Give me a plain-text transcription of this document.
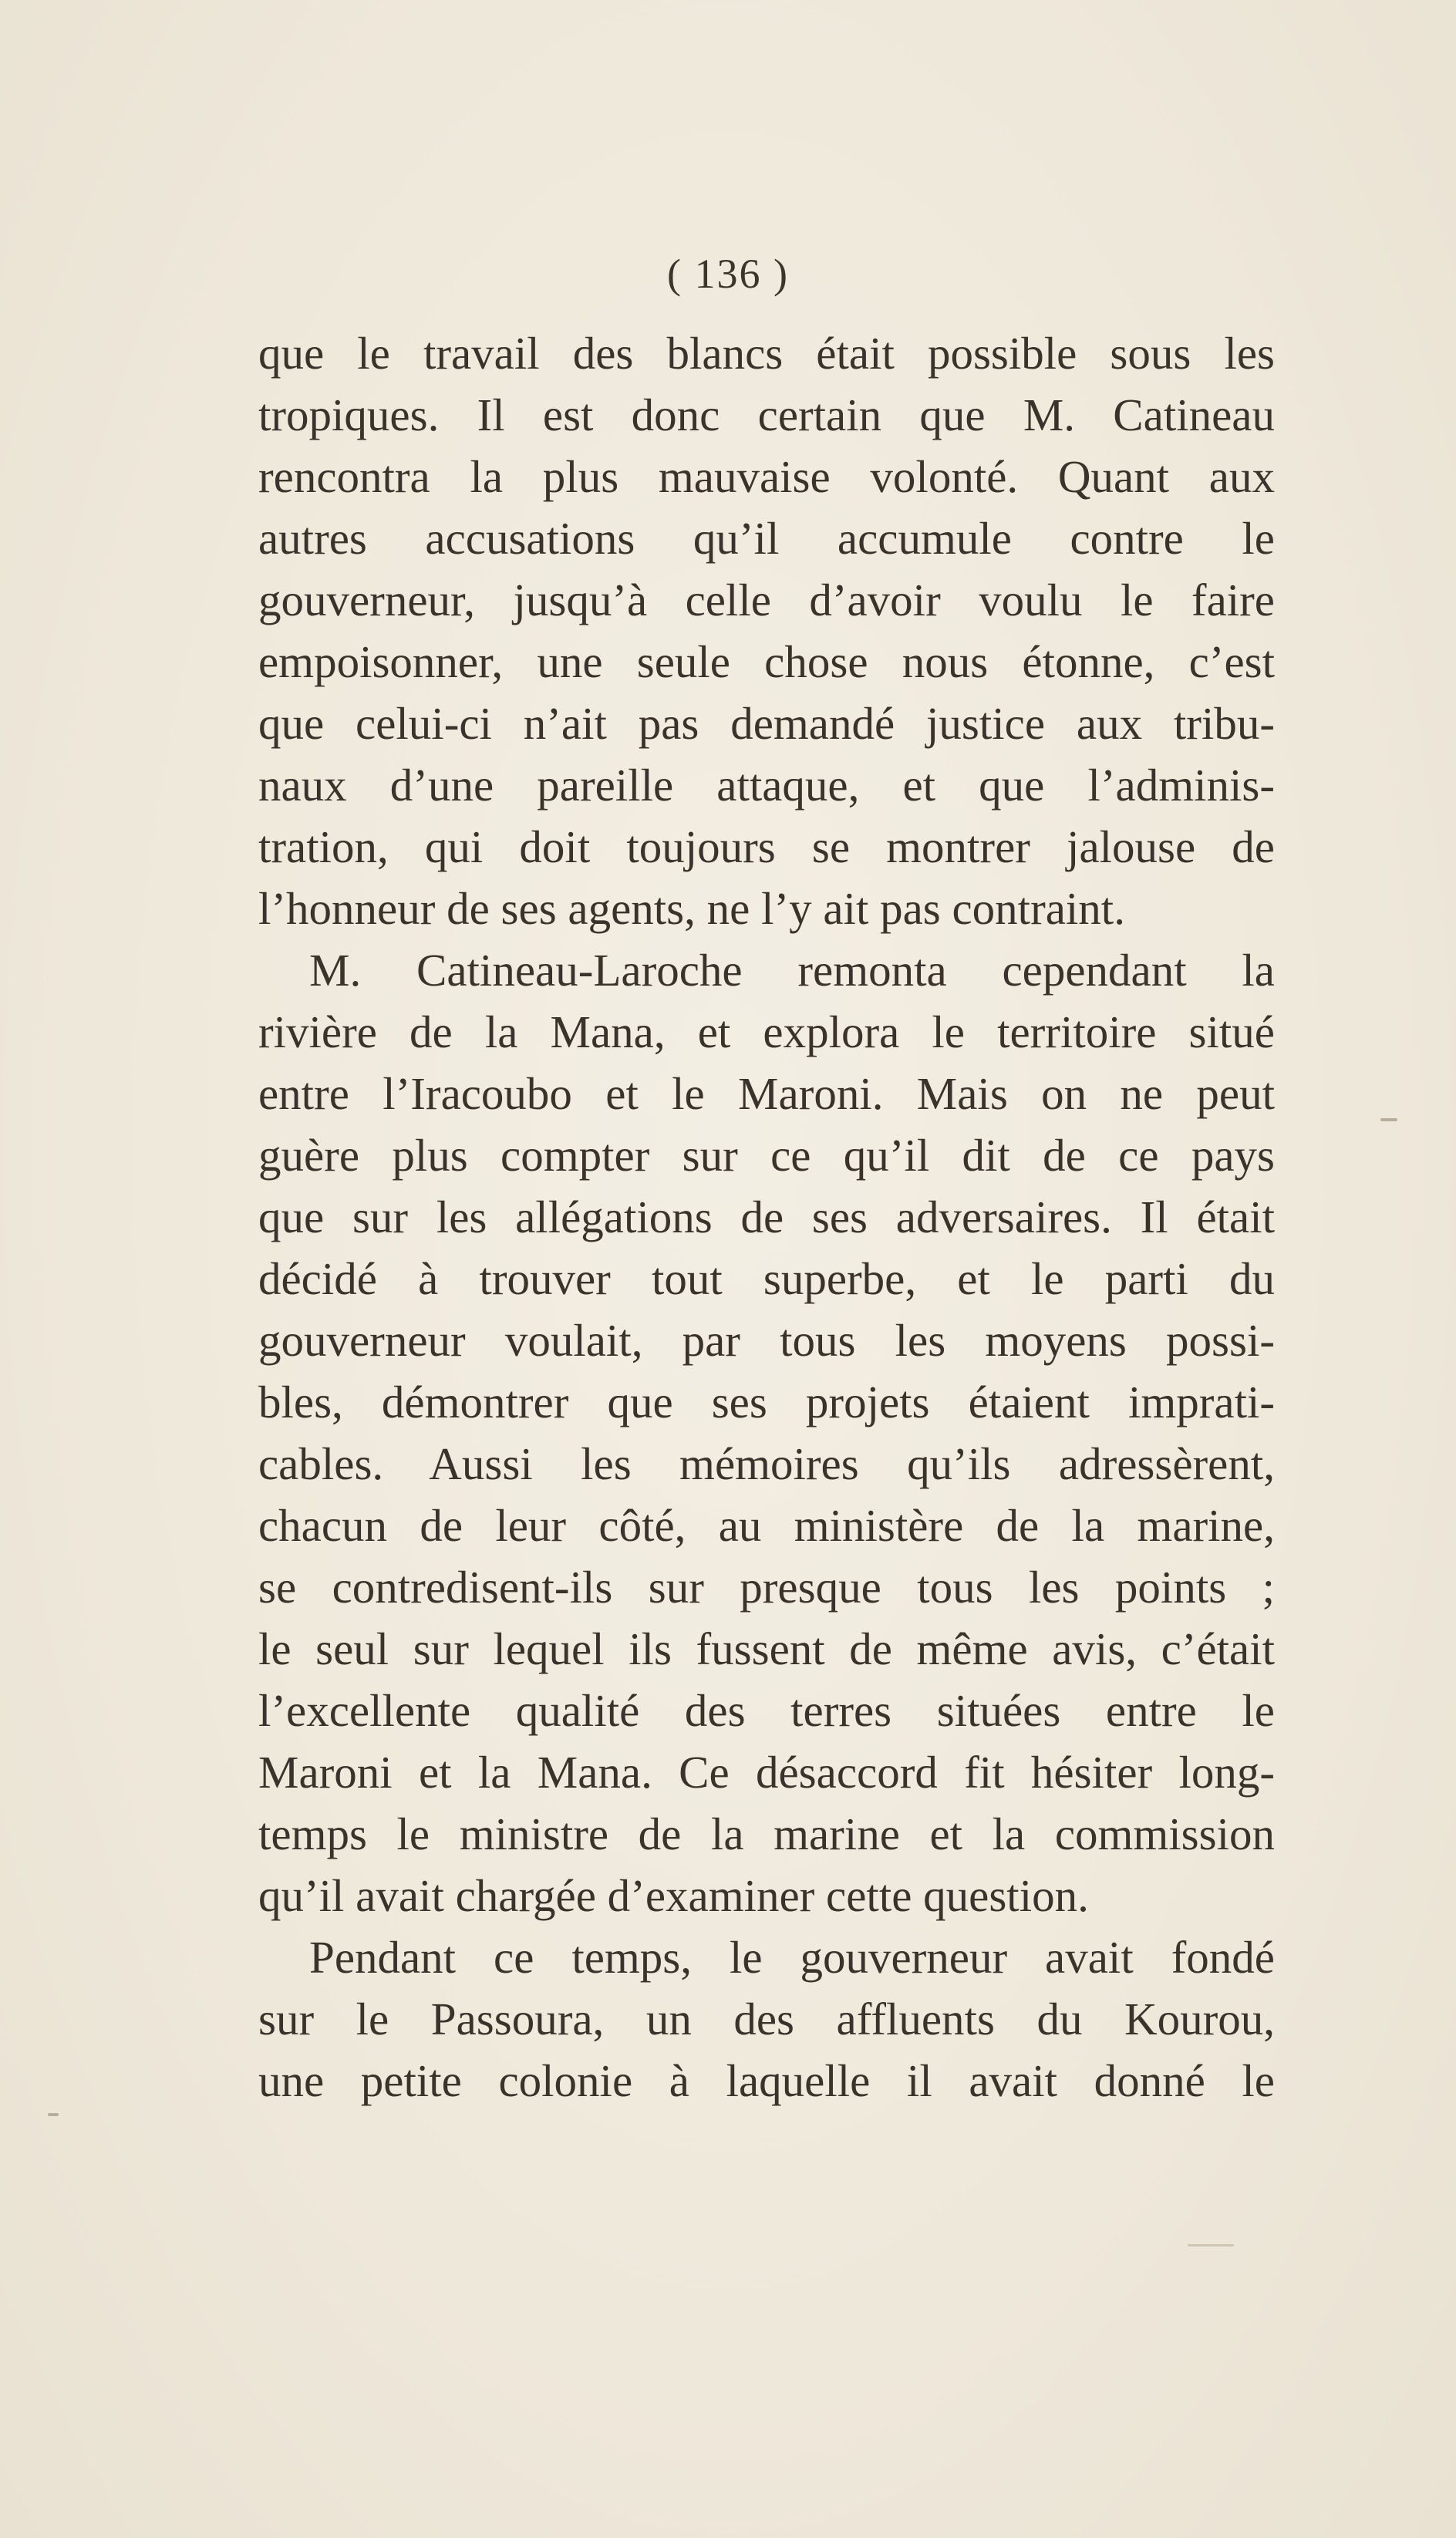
( 136 )
que le travail des blancs était possible sous les
tropiques. Il est donc certain que M. Catineau
rencontra la plus mauvaise volonté. Quant aux
autres accusations qu’il accumule contre le
gouverneur, jusqu’à celle d’avoir voulu le faire
empoisonner, une seule chose nous étonne, c’est
que celui-ci n’ait pas demandé justice aux tribu-
naux d’une pareille attaque, et que l’adminis-
tration, qui doit toujours se montrer jalouse de
l’honneur de ses agents, ne l’y ait pas contraint.
M. Catineau-Laroche remonta cependant la
rivière de la Mana, et explora le territoire situé
entre l’Iracoubo et le Maroni. Mais on ne peut
guère plus compter sur ce qu’il dit de ce pays
que sur les allégations de ses adversaires. Il était
décidé à trouver tout superbe, et le parti du
gouverneur voulait, par tous les moyens possi-
bles, démontrer que ses projets étaient imprati-
cables. Aussi les mémoires qu’ils adressèrent,
chacun de leur côté, au ministère de la marine,
se contredisent-ils sur presque tous les points ;
le seul sur lequel ils fussent de même avis, c’était
l’excellente qualité des terres situées entre le
Maroni et la Mana. Ce désaccord fit hésiter long-
temps le ministre de la marine et la commission
qu’il avait chargée d’examiner cette question.
Pendant ce temps, le gouverneur avait fondé
sur le Passoura, un des affluents du Kourou,
une petite colonie à laquelle il avait donné le
